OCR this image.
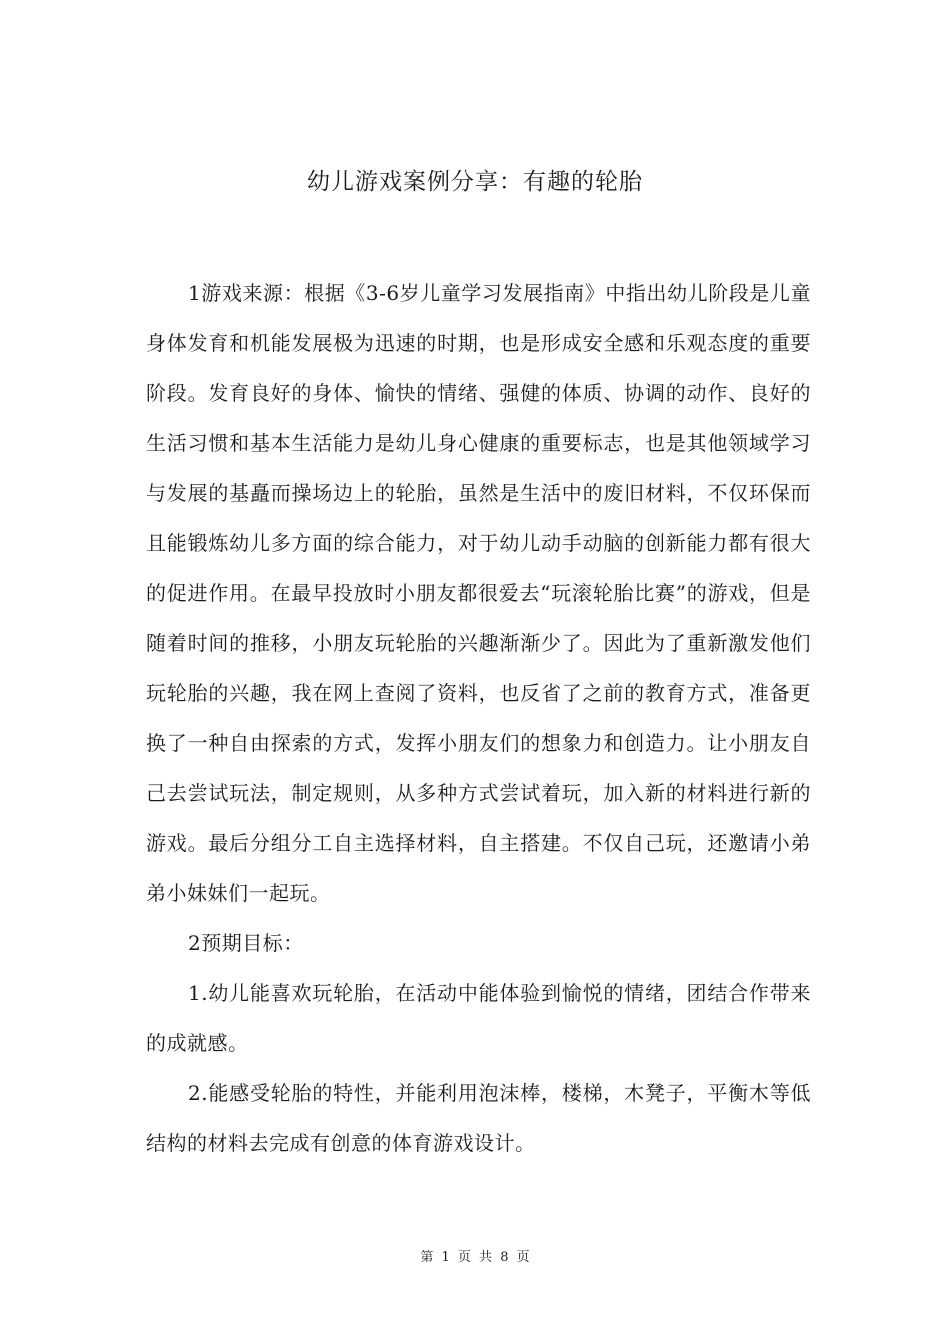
幼儿游戏案例分享：有趣的轮胎

1游戏来源：根据《3-6岁儿童学习发展指南》中指出幼儿阶段是儿童身体发育和机能发展极为迅速的时期，也是形成安全感和乐观态度的重要阶段。发育良好的身体、愉快的情绪、强健的体质、协调的动作、良好的生活习惯和基本生活能力是幼儿身心健康的重要标志，也是其他领域学习与发展的基矗而操场边上的轮胎，虽然是生活中的废旧材料，不仅环保而且能锻炼幼儿多方面的综合能力，对于幼儿动手动脑的创新能力都有很大的促进作用。在最早投放时小朋友都很爱去“玩滚轮胎比赛”的游戏，但是随着时间的推移，小朋友玩轮胎的兴趣渐渐少了。因此为了重新激发他们玩轮胎的兴趣，我在网上查阅了资料，也反省了之前的教育方式，准备更换了一种自由探索的方式，发挥小朋友们的想象力和创造力。让小朋友自己去尝试玩法，制定规则，从多种方式尝试着玩，加入新的材料进行新的游戏。最后分组分工自主选择材料，自主搭建。不仅自己玩，还邀请小弟弟小妹妹们一起玩。

2预期目标：

1.幼儿能喜欢玩轮胎，在活动中能体验到愉悦的情绪，团结合作带来的成就感。

2.能感受轮胎的特性，并能利用泡沫棒，楼梯，木凳子，平衡木等低结构的材料去完成有创意的体育游戏设计。

第 1 页 共 8 页
